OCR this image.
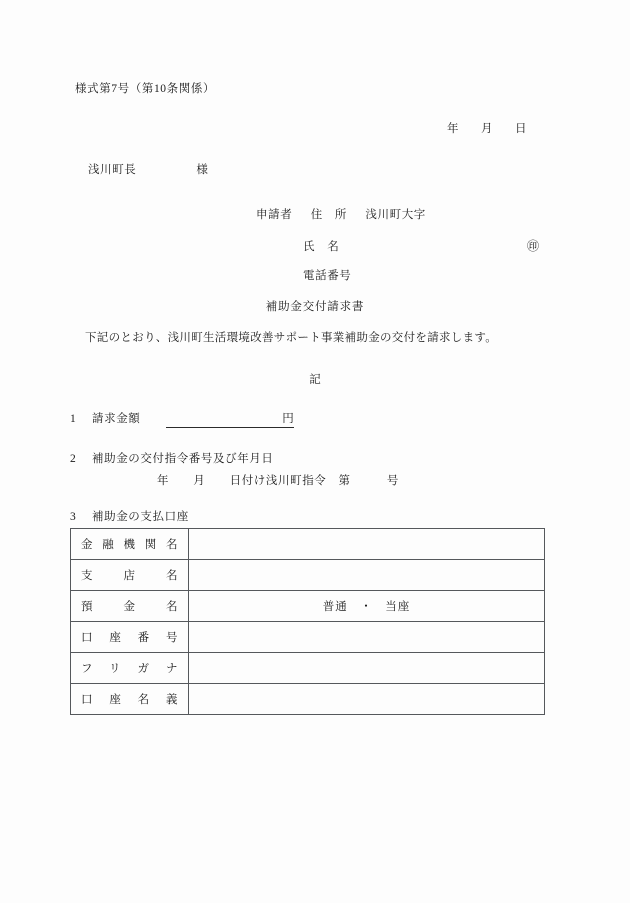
様式第7号（第10条関係）
年 月 日
浅川町長	様
申請者 住　所 浅川町大字
氏　名	㊞
電話番号
補助金交付請求書
下記のとおり、浅川町生活環境改善サポート事業補助金の交付を請求します。
記
1 請求金額	円
2 補助金の交付指令番号及び年月日
年　　月　　日付け浅川町指令　第　　　号
3 補助金の支払口座
金融機関名	
支店名	
預金名	普通　・　当座
口座番号	
フリガナ	
口座名義	
